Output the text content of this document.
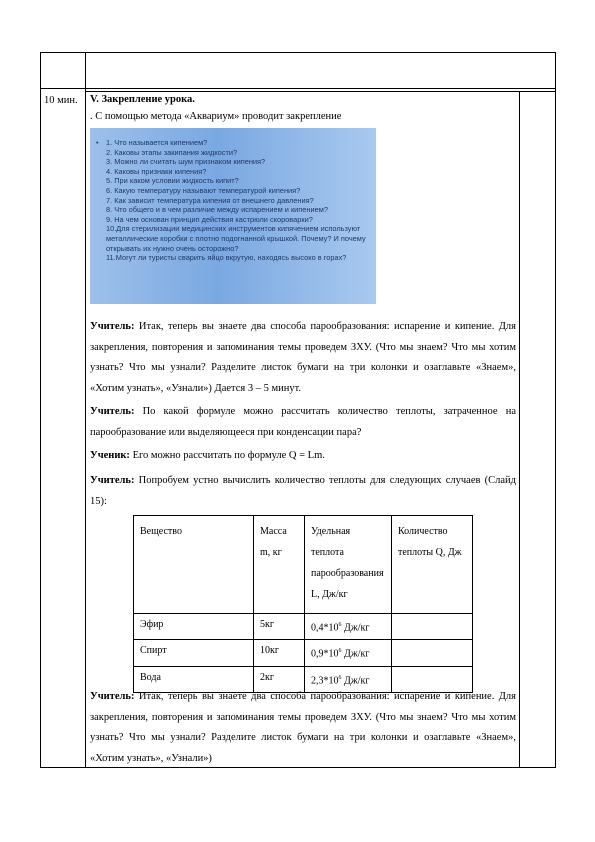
10 мин.	V. Закрепление урока.
. С помощью метода «Аквариум» проводит закрепление
• 1. Что называется кипением?
2. Каковы этапы закипания жидкости?
3. Можно ли считать шум признаком кипения?
4. Каковы признаки кипения?
5. При каком условии жидкость кипит?
6. Какую температуру называют температурой кипения?
7. Как зависит температура кипения от внешнего давления?
8. Что общего и в чем различие между испарением и кипением?
9. На чем основан принцип действия кастрюли скороварки?
10.Для стерилизации медицинских инструментов кипячением используют металлические коробки с плотно подогнанной крышкой. Почему? И почему открывать их нужно очень осторожно?
11.Могут ли туристы сварить яйцо вкрутую, находясь высоко в горах?
Учитель: Итак, теперь вы знаете два способа парообразования: испарение и кипение. Для закрепления, повторения и запоминания темы проведем ЗХУ. (Что мы знаем? Что мы хотим узнать? Что мы узнали? Разделите листок бумаги на три колонки и озаглавьте «Знаем», «Хотим узнать», «Узнали») Дается 3 – 5 минут.
Учитель: По какой формуле можно рассчитать количество теплоты, затраченное на парообразование или выделяющееся при конденсации пара?
Ученик: Его можно рассчитать по формуле Q = Lm.
Учитель: Попробуем устно вычислить количество теплоты для следующих случаев (Слайд 15):
Вещество	Масса m, кг	Удельная теплота парообразования L, Дж/кг	Количество теплоты Q, Дж
Эфир	5кг	$0,4*10^6$ Дж/кг	
Спирт	10кг	$0,9*10^6$ Дж/кг	
Вода	2кг	$2,3*10^6$ Дж/кг	
Учитель: Итак, теперь вы знаете два способа парообразования: испарение и кипение. Для закрепления, повторения и запоминания темы проведем ЗХУ. (Что мы знаем? Что мы хотим узнать? Что мы узнали? Разделите листок бумаги на три колонки и озаглавьте «Знаем», «Хотим узнать», «Узнали»)
